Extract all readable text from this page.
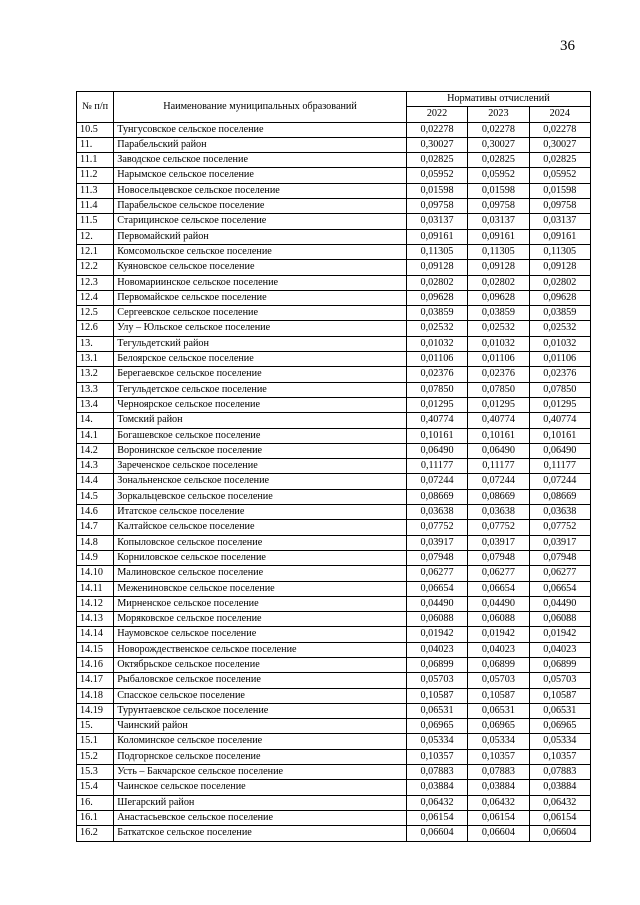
36
№ п/п	Наименование муниципальных образований	Нормативы отчислений		
		2022	2023	2024
10.5	Тунгусовское сельское поселение	0,02278	0,02278	0,02278
11.	Парабельский район	0,30027	0,30027	0,30027
11.1	Заводское сельское поселение	0,02825	0,02825	0,02825
11.2	Нарымское сельское поселение	0,05952	0,05952	0,05952
11.3	Новосельцевское сельское поселение	0,01598	0,01598	0,01598
11.4	Парабельское сельское поселение	0,09758	0,09758	0,09758
11.5	Старицинское сельское поселение	0,03137	0,03137	0,03137
12.	Первомайский район	0,09161	0,09161	0,09161
12.1	Комсомольское сельское поселение	0,11305	0,11305	0,11305
12.2	Куяновское сельское поселение	0,09128	0,09128	0,09128
12.3	Новомариинское сельское поселение	0,02802	0,02802	0,02802
12.4	Первомайское сельское поселение	0,09628	0,09628	0,09628
12.5	Сергеевское сельское поселение	0,03859	0,03859	0,03859
12.6	Улу – Юльское сельское поселение	0,02532	0,02532	0,02532
13.	Тегульдетский район	0,01032	0,01032	0,01032
13.1	Белоярское сельское поселение	0,01106	0,01106	0,01106
13.2	Берегаевское сельское поселение	0,02376	0,02376	0,02376
13.3	Тегульдетское сельское поселение	0,07850	0,07850	0,07850
13.4	Черноярское сельское поселение	0,01295	0,01295	0,01295
14.	Томский район	0,40774	0,40774	0,40774
14.1	Богашевское сельское поселение	0,10161	0,10161	0,10161
14.2	Воронинское сельское поселение	0,06490	0,06490	0,06490
14.3	Зареченское сельское поселение	0,11177	0,11177	0,11177
14.4	Зональненское сельское поселение	0,07244	0,07244	0,07244
14.5	Зоркальцевское сельское поселение	0,08669	0,08669	0,08669
14.6	Итатское сельское поселение	0,03638	0,03638	0,03638
14.7	Калтайское сельское поселение	0,07752	0,07752	0,07752
14.8	Копыловское сельское поселение	0,03917	0,03917	0,03917
14.9	Корниловское сельское поселение	0,07948	0,07948	0,07948
14.10	Малиновское сельское поселение	0,06277	0,06277	0,06277
14.11	Межениновское сельское поселение	0,06654	0,06654	0,06654
14.12	Мирненское сельское поселение	0,04490	0,04490	0,04490
14.13	Моряковское сельское поселение	0,06088	0,06088	0,06088
14.14	Наумовское сельское поселение	0,01942	0,01942	0,01942
14.15	Новорождественское сельское поселение	0,04023	0,04023	0,04023
14.16	Октябрьское сельское поселение	0,06899	0,06899	0,06899
14.17	Рыбаловское сельское поселение	0,05703	0,05703	0,05703
14.18	Спасское сельское поселение	0,10587	0,10587	0,10587
14.19	Турунтаевское сельское поселение	0,06531	0,06531	0,06531
15.	Чаинский район	0,06965	0,06965	0,06965
15.1	Коломинское сельское поселение	0,05334	0,05334	0,05334
15.2	Подгорнское сельское поселение	0,10357	0,10357	0,10357
15.3	Усть – Бакчарское сельское поселение	0,07883	0,07883	0,07883
15.4	Чаинское сельское поселение	0,03884	0,03884	0,03884
16.	Шегарский район	0,06432	0,06432	0,06432
16.1	Анастасьевское сельское поселение	0,06154	0,06154	0,06154
16.2	Баткатское сельское поселение	0,06604	0,06604	0,06604
